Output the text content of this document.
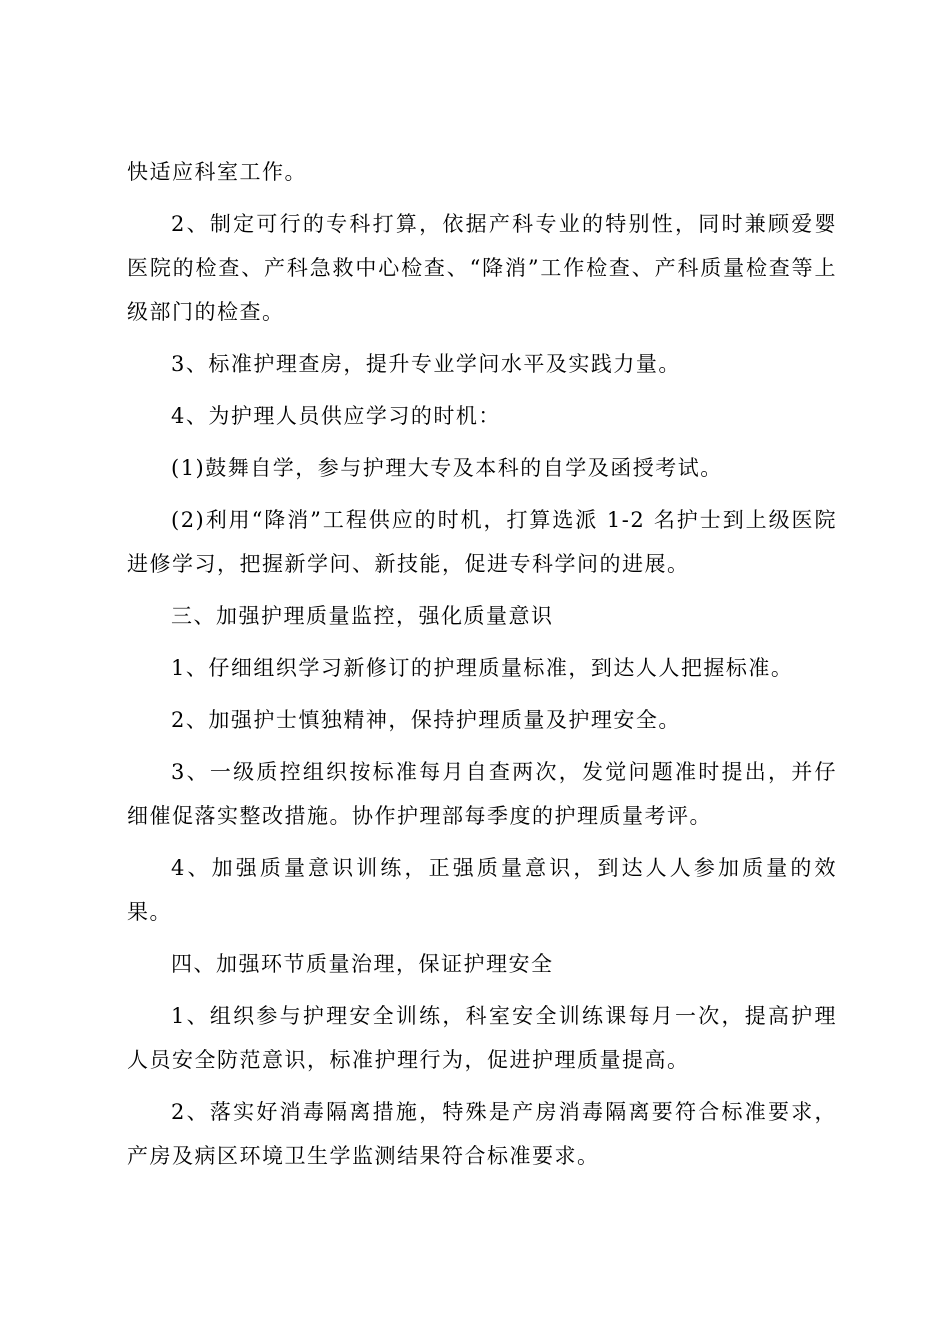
快适应科室工作。

2、制定可行的专科打算，依据产科专业的特别性，同时兼顾爱婴医院的检查、产科急救中心检查、“降消”工作检查、产科质量检查等上级部门的检查。

3、标准护理查房，提升专业学问水平及实践力量。

4、为护理人员供应学习的时机：

(1)鼓舞自学，参与护理大专及本科的自学及函授考试。

(2)利用“降消”工程供应的时机，打算选派 1-2 名护士到上级医院进修学习，把握新学问、新技能，促进专科学问的进展。

三、加强护理质量监控，强化质量意识

1、仔细组织学习新修订的护理质量标准，到达人人把握标准。

2、加强护士慎独精神，保持护理质量及护理安全。

3、一级质控组织按标准每月自查两次，发觉问题准时提出，并仔细催促落实整改措施。协作护理部每季度的护理质量考评。

4、加强质量意识训练，正强质量意识，到达人人参加质量的效果。

四、加强环节质量治理，保证护理安全

1、组织参与护理安全训练，科室安全训练课每月一次，提高护理人员安全防范意识，标准护理行为，促进护理质量提高。

2、落实好消毒隔离措施，特殊是产房消毒隔离要符合标准要求，产房及病区环境卫生学监测结果符合标准要求。
